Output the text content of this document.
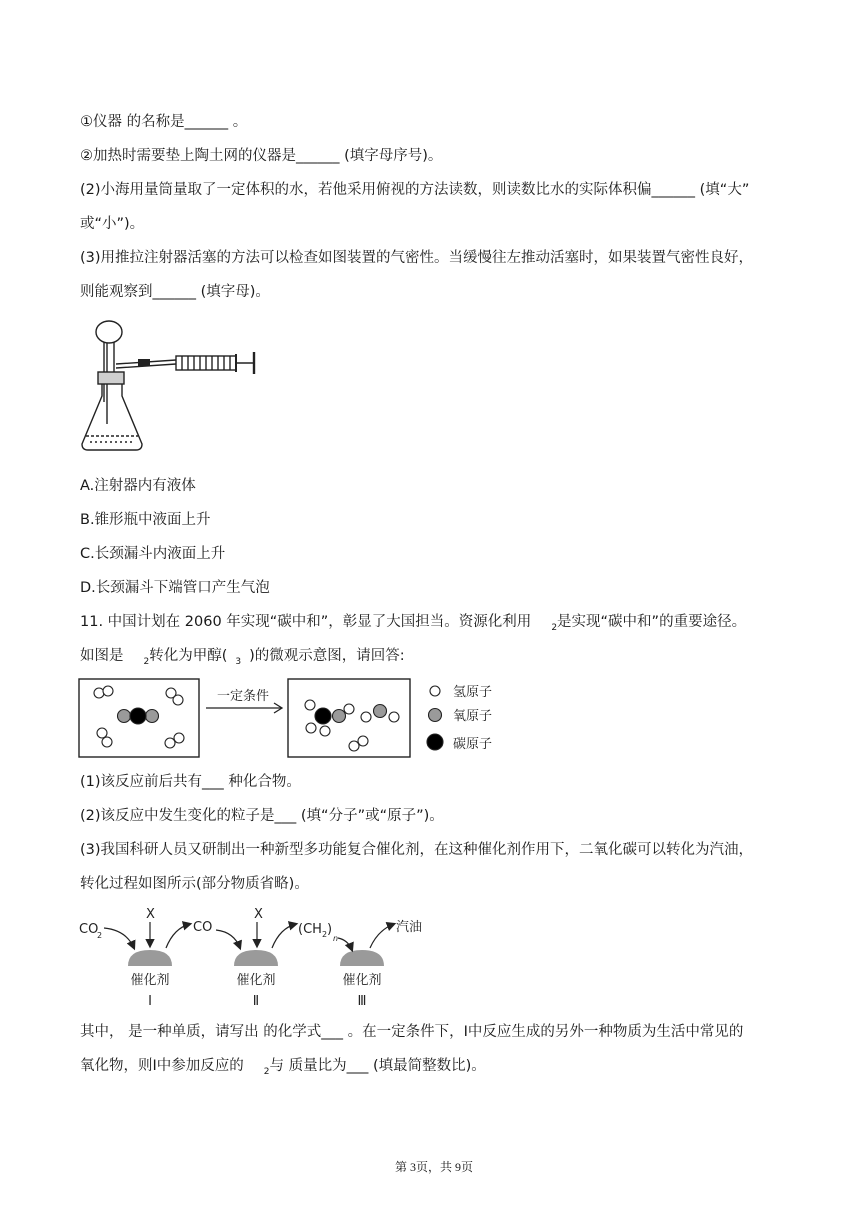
①仪器 的名称是______ 。
②加热时需要垫上陶土网的仪器是______ (填字母序号)。
(2)小海用量筒量取了一定体积的水，若他采用俯视的方法读数，则读数比水的实际体积偏______ (填“大”
或“小”)。
(3)用推拉注射器活塞的方法可以检查如图装置的气密性。当缓慢往左推动活塞时，如果装置气密性良好，
则能观察到______ (填字母)。
A.注射器内有液体
B.锥形瓶中液面上升
C.长颈漏斗内液面上升
D.长颈漏斗下端管口产生气泡
11. 中国计划在 2060 年实现“碳中和”，彰显了大国担当。资源化利用 $_2$是实现“碳中和”的重要途径。
如图是 $_2$转化为甲醇( $_3$ )的微观示意图，请回答:
一定条件	氢原子
氧原子
碳原子
(1)该反应前后共有___ 种化合物。
(2)该反应中发生变化的粒子是___ (填“分子”或“原子”)。
(3)我国科研人员又研制出一种新型多功能复合催化剂，在这种催化剂作用下，二氧化碳可以转化为汽油，
转化过程如图所示(部分物质省略)。
CO
2
X
CO
X
(CH 2 )
n
汽油
催化剂	催化剂	催化剂
Ⅰ	Ⅱ	Ⅲ
其中， 是一种单质，请写出 的化学式___ 。在一定条件下，Ⅰ中反应生成的另外一种物质为生活中常见的
氧化物，则Ⅰ中参加反应的 $_2$与 质量比为___ (填最简整数比)。
第 3页，共 9页
